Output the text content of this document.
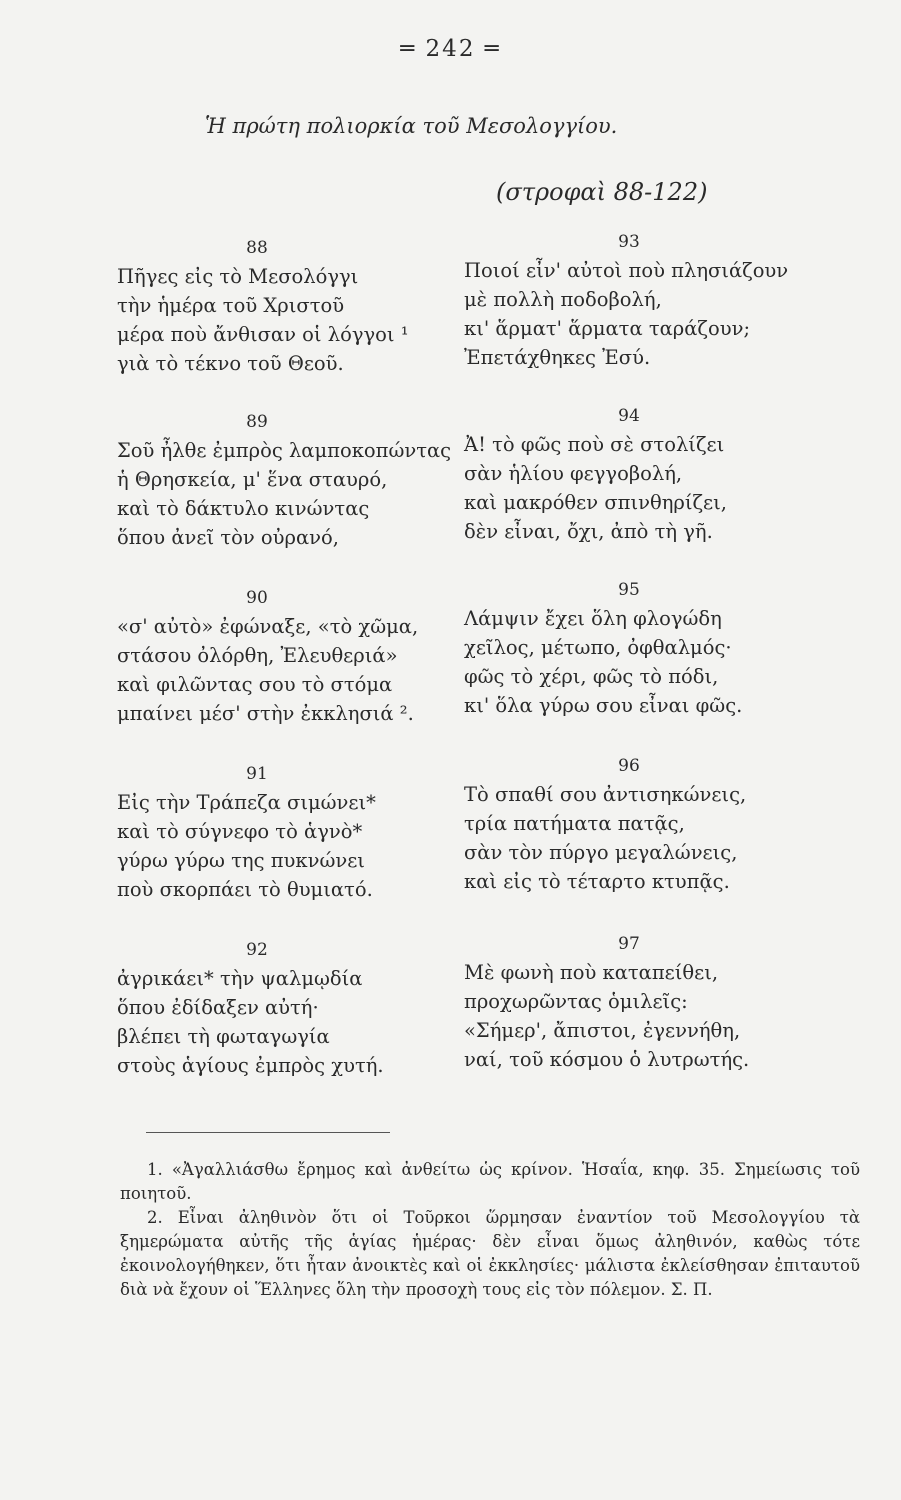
═ 242 ═
Ἡ πρώτη πολιορκία τοῦ Μεσολογγίου.
(στροφαὶ 88-122)
88
Πῆγες εἰς τὸ Μεσολόγγι
τὴν ἡμέρα τοῦ Χριστοῦ
μέρα ποὺ ἄνθισαν οἱ λόγγοι ¹
γιὰ τὸ τέκνο τοῦ Θεοῦ.
89
Σοῦ ἦλθε ἐμπρὸς λαμποκοπώντας
ἡ Θρησκεία, μ' ἕνα σταυρό,
καὶ τὸ δάκτυλο κινώντας
ὅπου ἀνεῖ τὸν οὐρανό,
90
«σ' αὐτὸ» ἐφώναξε, «τὸ χῶμα,
στάσου ὀλόρθη, Ἐλευθεριά»
καὶ φιλῶντας σου τὸ στόμα
μπαίνει μέσ' στὴν ἐκκλησιά ².
91
Εἰς τὴν Τράπεζα σιμώνει*
καὶ τὸ σύγνεφο τὸ ἁγνὸ*
γύρω γύρω της πυκνώνει
ποὺ σκορπάει τὸ θυμιατό.
92
ἀγρικάει* τὴν ψαλμῳδία
ὅπου ἐδίδαξεν αὐτή·
βλέπει τὴ φωταγωγία
στοὺς ἁγίους ἐμπρὸς χυτή.
93
Ποιοί εἶν' αὐτοὶ ποὺ πλησιάζουν
μὲ πολλὴ ποδοβολή,
κι' ἅρματ' ἅρματα ταράζουν;
Ἐπετάχθηκες Ἐσύ.
94
Ἀ! τὸ φῶς ποὺ σὲ στολίζει
σὰν ἡλίου φεγγοβολή,
καὶ μακρόθεν σπινθηρίζει,
δὲν εἶναι, ὄχι, ἀπὸ τὴ γῆ.
95
Λάμψιν ἔχει ὅλη φλογώδη
χεῖλος, μέτωπο, ὀφθαλμός·
φῶς τὸ χέρι, φῶς τὸ πόδι,
κι' ὅλα γύρω σου εἶναι φῶς.
96
Τὸ σπαθί σου ἀντισηκώνεις,
τρία πατήματα πατᾷς,
σὰν τὸν πύργο μεγαλώνεις,
καὶ εἰς τὸ τέταρτο κτυπᾷς.
97
Μὲ φωνὴ ποὺ καταπείθει,
προχωρῶντας ὁμιλεῖς:
«Σήμερ', ἄπιστοι, ἐγεννήθη,
ναί, τοῦ κόσμου ὁ λυτρωτής.

1. «Ἀγαλλιάσθω ἔρημος καὶ ἀνθείτω ὡς κρίνον. Ἡσαΐα, κηφ. 35. Σημείωσις τοῦ ποιητοῦ.

2. Εἶναι ἀληθινὸν ὅτι οἱ Τοῦρκοι ὥρμησαν ἐναντίον τοῦ Μεσολογγίου τὰ ξημερώματα αὐτῆς τῆς ἁγίας ἡμέρας· δὲν εἶναι ὅμως ἀληθινόν, καθὼς τότε ἐκοινολογήθηκεν, ὅτι ἦταν ἀνοικτὲς καὶ οἱ ἐκκλησίες· μάλιστα ἐκλείσθησαν ἐπιταυτοῦ διὰ νὰ ἔχουν οἱ Ἕλληνες ὅλη τὴν προσοχὴ τους εἰς τὸν πόλεμον. Σ. Π.
